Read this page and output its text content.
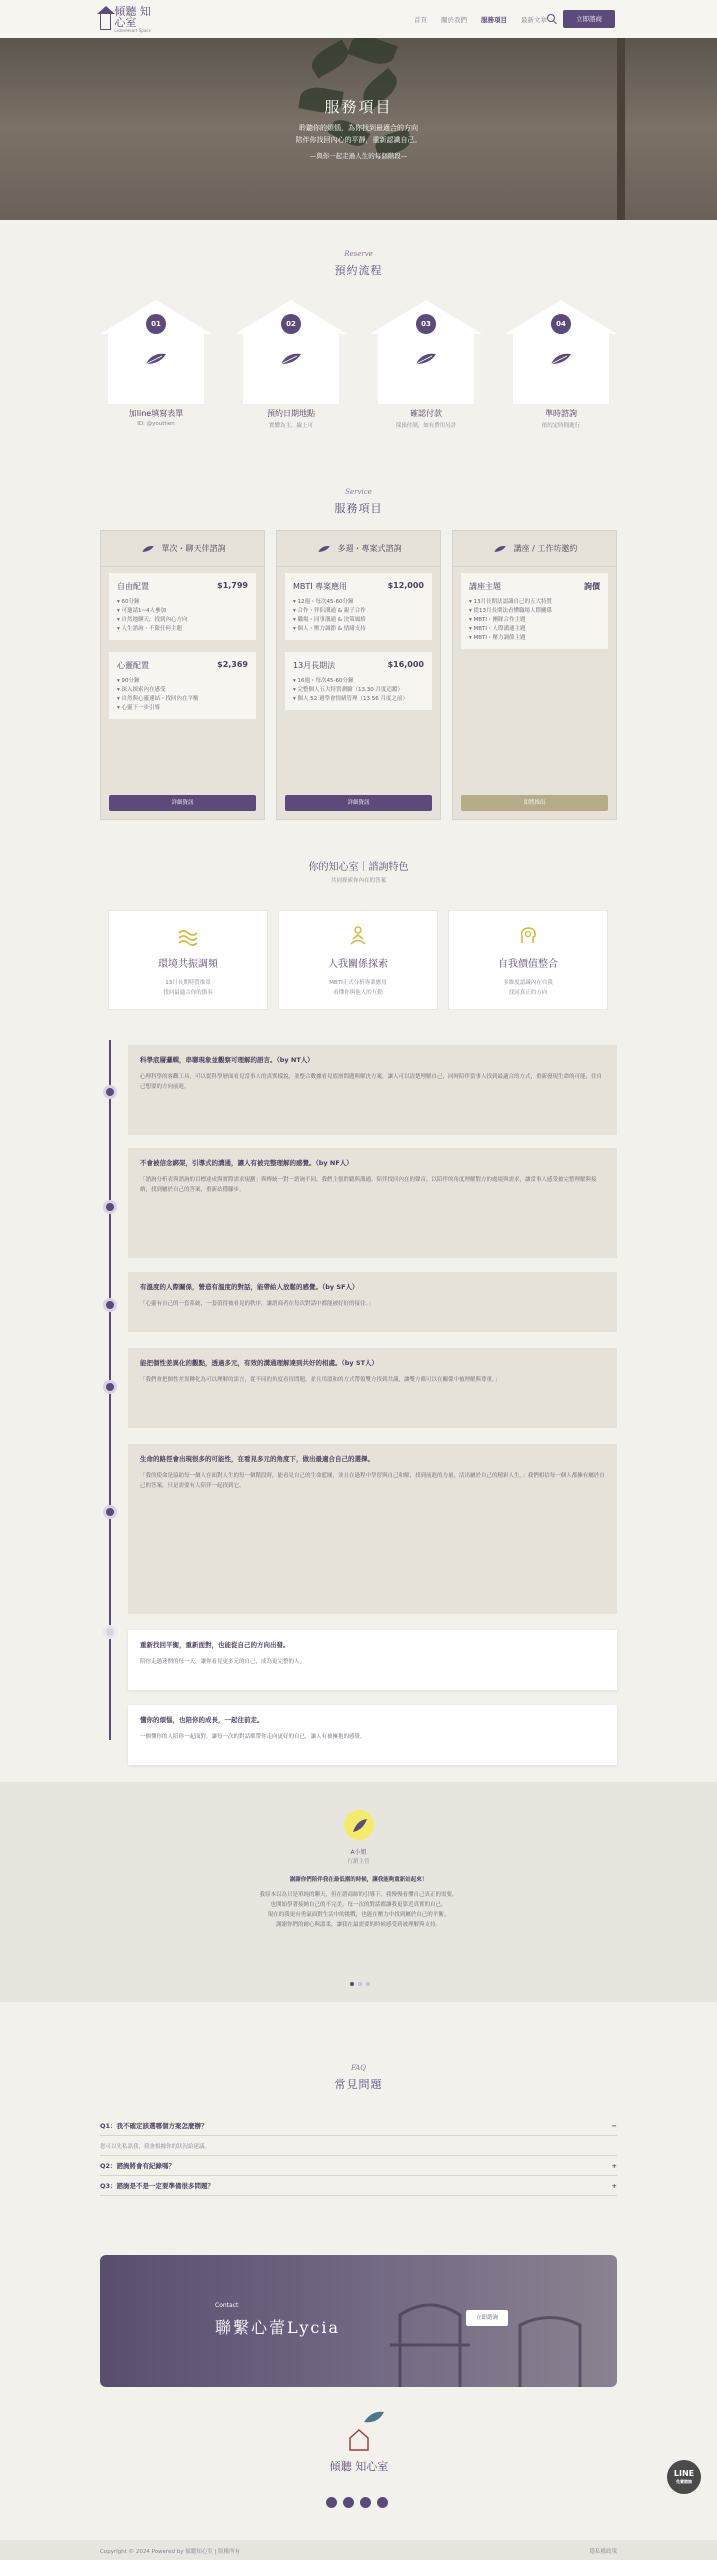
傾聽 知心室
ListenHeart Space
首頁 關於我們 服務項目 最新文章	立即諮商
服務項目
聆聽你的煩惱，為你找到最適合的方向
陪伴你找回內心的平靜，重新認識自己。
—與你一起走過人生的每個階段—
Reserve
預約流程
01
加line填寫表單
ID: @youthen
02
預約日期地點
實體為主，線上可
03
確認付款
採預付制，如有費用另計
04
準時諮詢
依約定時間進行
Service
服務項目
單次・聊天伴諮詢
自由配置	$1,799
▾ 60分鐘
▾ 可邀請1~4人參加
▾ 自然地聊天，找到內心方向
▾ 人生諮詢・不限任何主題
心靈配置	$2,369
▾ 90分鐘
▾ 深入探索內在感受
▾ 自然與心靈連結・找回內在平衡
▾ 心靈下一步引導
詳細資訊
多週・專案式諮詢
MBTI 專案應用	$12,000
▾ 12週・每次45-60分鐘
▾ 合作・伴侶溝通 & 親子合作
▾ 職場・同事溝通 & 決策風格
▾ 個人・壓力調節 & 情緒支持
13月長期法	$16,000
▾ 16週・每次45-60分鐘
▾ 完整個人五大特質測驗（13.30 月度追蹤）
▾ 個人 52 週學會情緒管理（13.56 月度之前）
詳細資訊
講座 / 工作坊邀約
講座主題	詢價
▾ 13月長期法認識自己的五大特質
▾ 從13月長期法看懂職場人際關係
▾ MBTI・團隊合作主題
▾ MBTI・人際溝通主題
▾ MBTI・壓力調節主題
即將推出
你的知心室｜諮詢特色
共同探索你內在的答案
環境共振調頻
13月長期特質推算
找回最適合你的節奏
人我關係探索
MBTI正式分析專業應用
看懂你與他人的互動
自我價值整合
多維度認識內在自我
找回真正的方向
科學底層邏輯，串聯現象並觀察可理解的語言。（by NT人）
心理科學的客觀工具，可以從科學層面看見當事人的真實樣貌，並整合數據看見底層問題與解決方案，讓人可以清楚理解自己，同時陪伴當事人找到最適合的方式，重新發現生命的可能，往自己想要的方向前進。
不會被信念綁架，引導式的溝通，讓人有被完整理解的感覺。（by NF人）
「諮詢分析表與諮詢的目標達成與實際需求規劃」與傳統一對一諮詢不同，我們主張聆聽與溝通、陪伴找回內在的聲音，以陪伴的角度理解對方的處境與需求，讓當事人感受被完整理解與接納，找到屬於自己的答案，重新站穩腳步。
有溫度的人際關係，營造有溫度的對話，能帶給人放鬆的感覺。（by SF人）
「心靈有自己的一套系統，一套值得被看見的秩序，讓諮商者在每次對話中都能被好好的接住。」
能把個性差異化的觀點，透過多元，有效的溝通理解達到共好的相處。（by ST人）
「我們會把個性差異轉化為可以理解的語言，從不同的角度看待問題，並且用溫和的方式帶領雙方找到共識，讓雙方都可以在關係中被理解與尊重。」
生命的路徑會出現很多的可能性，在看見多元的角度下，做出最適合自己的選擇。
「我的使命是協助每一個人在面對人生的每一個階段時，能看見自己的生命藍圖，並且在過程中學習與自己和解，找到前進的力量，活出屬於自己的精彩人生。」我們相信每一個人都擁有屬於自己的答案，只是需要有人陪伴一起找到它。
重新找回平衡，重新面對，也能從自己的方向出發。
陪你走過迷惘的每一天，讓你看見更多元的自己，成為更完整的人。
懂你的煩惱，也陪你的成長，一起往前走。
一個懂你的人陪你一起面對，讓每一次的對話都帶你走向更好的自己，讓人有被擁抱的感覺。
A小姐
行銷主管
謝謝你們陪伴我在最低潮的時候，讓我能夠重新站起來！
我原本以為只是單純的聊天，但在諮商師的引導下，我慢慢看懂自己真正的需要，
也開始學著接納自己的不完美。每一次的對話都讓我更靠近真實的自己，
現在的我更有勇氣面對生活中的挑戰，也能在壓力中找到屬於自己的平衡。
謝謝你們的耐心與溫柔，讓我在最需要的時候感受到被理解與支持。
FAQ
常見問題
Q1：我不確定該選哪個方案怎麼辦？	−
您可以先私訊我，我會根據你的狀況給建議。
Q2：諮詢將會有紀錄嗎？	+
Q3：諮詢是不是一定要準備很多問題？	+
Contact
聯繫心蕾Lycia	立即諮詢
傾聽 知心室
LINE
免費諮詢
Copyright © 2024 Powered by 傾聽知心室 | 版權所有	隱私權政策
